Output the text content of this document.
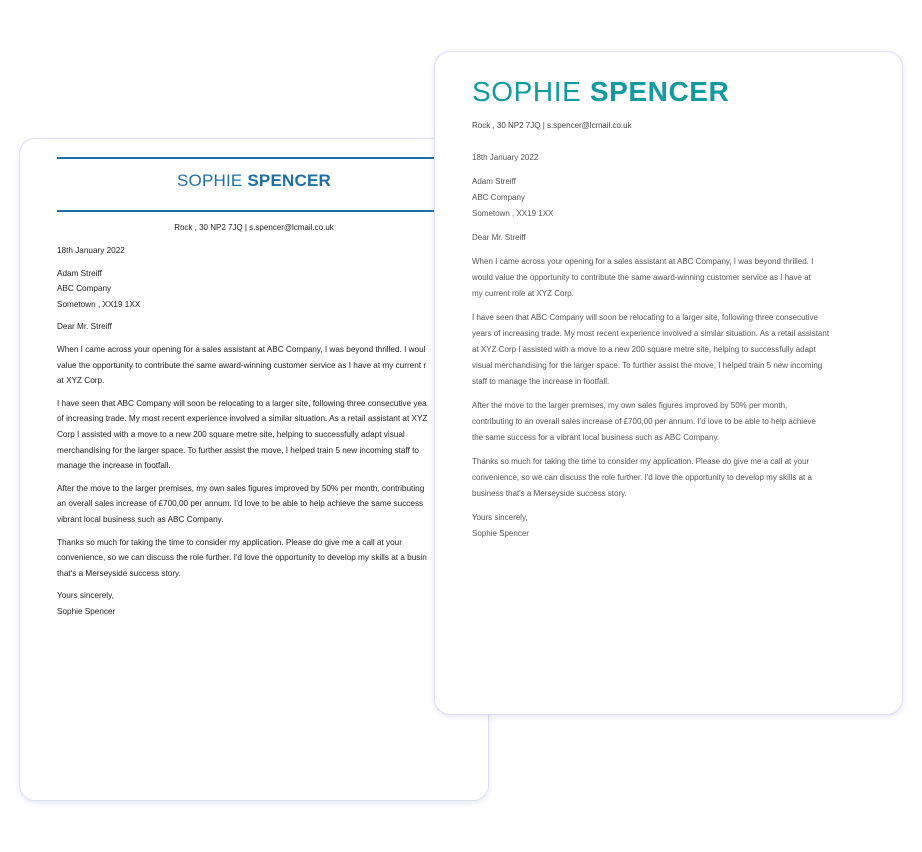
SOPHIE SPENCER
Rock , 30 NP2 7JQ | s.spencer@lcmail.co.uk

18th January 2022

Adam Streiff

ABC Company

Sometown , XX19 1XX

Dear Mr. Streiff

When I came across your opening for a sales assistant at ABC Company, I was beyond thrilled. I woul
value the opportunity to contribute the same award-winning customer service as I have at my current r
at XYZ Corp.

I have seen that ABC Company will soon be relocating to a larger site, following three consecutive yea
of increasing trade. My most recent experience involved a similar situation. As a retail assistant at XYZ
Corp I assisted with a move to a new 200 square metre site, helping to successfully adapt visual
merchandising for the larger space. To further assist the move, I helped train 5 new incoming staff to
manage the increase in footfall.

After the move to the larger premises, my own sales figures improved by 50% per month, contributing
an overall sales increase of £700,00 per annum. I'd love to be able to help achieve the same success
vibrant local business such as ABC Company.

Thanks so much for taking the time to consider my application. Please do give me a call at your
convenience, so we can discuss the role further. I'd love the opportunity to develop my skills at a busin
that's a Merseyside success story.

Yours sincerely,

Sophie Spencer

SOPHIE SPENCER
Rock , 30 NP2 7JQ | s.spencer@lcmail.co.uk

18th January 2022

Adam Streiff

ABC Company

Sometown , XX19 1XX

Dear Mr. Streiff

When I came across your opening for a sales assistant at ABC Company, I was beyond thrilled. I
would value the opportunity to contribute the same award-winning customer service as I have at
my current role at XYZ Corp.

I have seen that ABC Company will soon be relocating to a larger site, following three consecutive
years of increasing trade. My most recent experience involved a similar situation. As a retail assistant
at XYZ Corp I assisted with a move to a new 200 square metre site, helping to successfully adapt
visual merchandising for the larger space. To further assist the move, I helped train 5 new incoming
staff to manage the increase in footfall.

After the move to the larger premises, my own sales figures improved by 50% per month,
contributing to an overall sales increase of £700,00 per annum. I'd love to be able to help achieve
the same success for a vibrant local business such as ABC Company.

Thanks so much for taking the time to consider my application. Please do give me a call at your
convenience, so we can discuss the role further. I'd love the opportunity to develop my skills at a
business that's a Merseyside success story.

Yours sincerely,

Sophie Spencer
